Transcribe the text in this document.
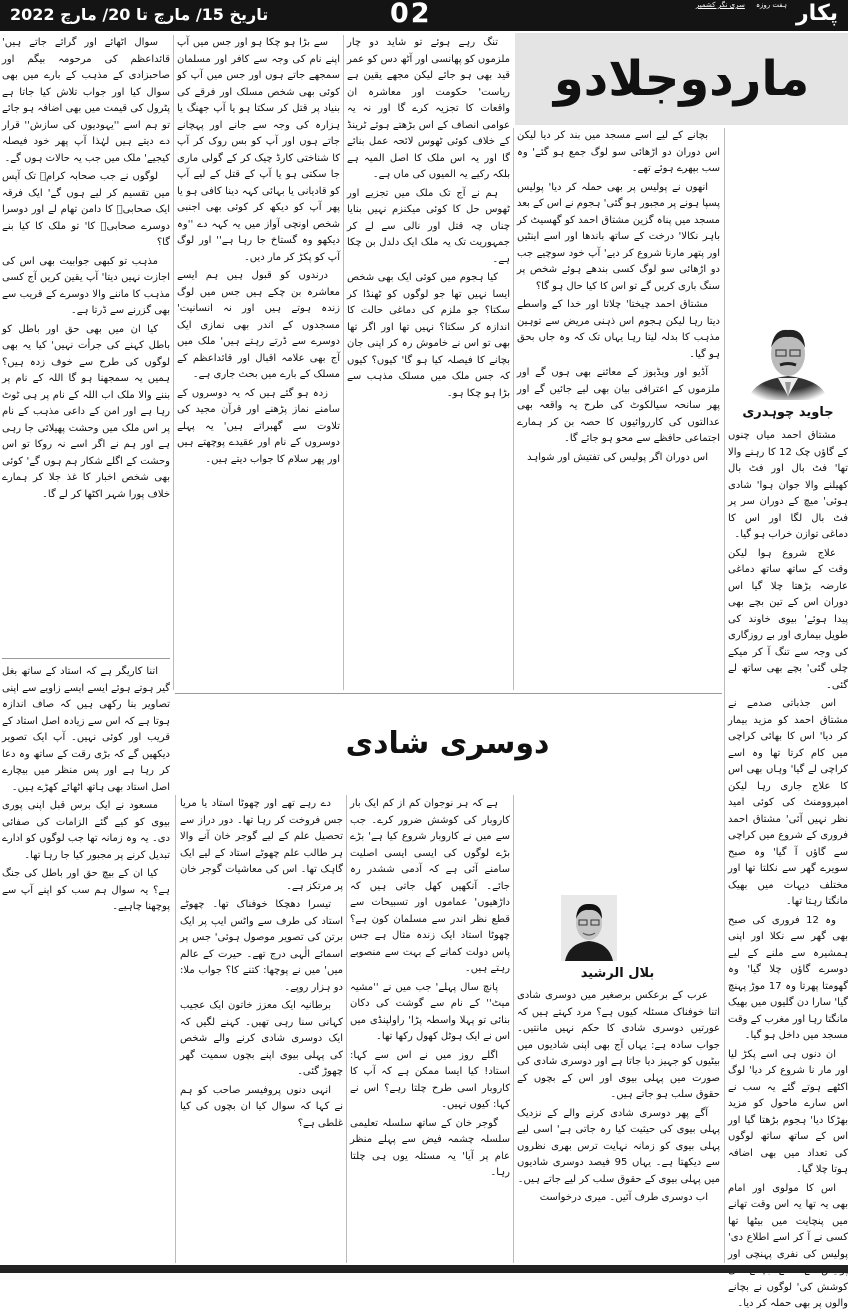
تاریخ 15/ مارچ تا 20/ مارچ 2022	02	پکار $^{ہفت روزہ}$ $^{سری نگر کشمیر}$
ماردوجلادو

سوال اٹھائے اور گرائے جاتے ہیں' قائداعظم کی مرحومہ بیگم اور صاحبزادی کے مذہب کے بارے میں بھی سوال کیا اور جواب تلاش کیا جاتا ہے پٹرول کی قیمت میں بھی اضافہ ہو جائے تو ہم اسے ''یہودیوں کی سازش'' قرار دے دیتے ہیں لہٰذا آپ پھر خود فیصلہ کیجیے' ملک میں جب یہ حالات ہوں گے۔

لوگوں نے جب صحابہ کرامؓ تک آپس میں تقسیم کر لیے ہوں گے' ایک فرقہ ایک صحابیؓ کا دامن تھام لے اور دوسرا دوسرے صحابیؓ کا' تو ملک کا کیا بنے گا؟

مذہب تو کبھی جوابیت بھی اس کی اجازت نہیں دیتا' آپ یقین کریں آج کسی مذہب کا ماننے والا دوسرے کے قریب سے بھی گزرنے سے ڈرتا ہے۔

کیا ان میں بھی حق اور باطل کو باطل کہنے کی جرأت نہیں' کیا یہ بھی لوگوں کی طرح سے خوف زدہ ہیں؟ ہمیں یہ سمجھنا ہو گا اللہ کے نام پر بننے والا ملک اب اللہ کے نام پر ہی ٹوٹ رہا ہے اور امن کے داعی مذہب کے نام پر اس ملک میں وحشت پھیلائی جا رہی ہے اور ہم نے اگر اسے نہ روکا تو اس وحشت کے اگلے شکار ہم ہوں گے' کوئی بھی شخص اخبار کا غذ جلا کر ہمارے خلاف پورا شہر اکٹھا کر لے گا۔

سے بڑا ہو چکا ہو اور جس میں آپ اپنے نام کی وجہ سے کافر اور مسلمان سمجھے جاتے ہوں اور جس میں آپ کو کوئی بھی شخص مسلک اور فرقے کی بنیاد پر قتل کر سکتا ہو یا آپ جھنگ یا ہزارہ کی وجہ سے جانے اور پہچانے جاتے ہوں اور آپ کو بس روک کر آپ کا شناختی کارڈ چیک کر کے گولی ماری جا سکتی ہو یا آپ کے قتل کے لیے آپ کو قادیانی یا بہائی کہہ دینا کافی ہو یا پھر آپ کو دیکھ کر کوئی بھی اجنبی شخص اونچی آواز میں یہ کہہ دے ''وہ دیکھو وہ گستاخ جا رہا ہے'' اور لوگ آپ کو پکڑ کر مار دیں۔

درندوں کو قبول ہیں ہم ایسے معاشرہ بن چکے ہیں جس میں لوگ زندہ ہوتے ہیں اور نہ انسانیت' مسجدوں کے اندر بھی نمازی ایک دوسرے سے ڈرتے رہتے ہیں' ملک میں آج بھی علامہ اقبال اور قائداعظم کے مسلک کے بارے میں بحث جاری ہے۔

زدہ ہو گئے ہیں کہ یہ دوسروں کے سامنے نماز پڑھنے اور قرآن مجید کی تلاوت سے گھبراتے ہیں' یہ پہلے دوسروں کے نام اور عقیدے پوچھتے ہیں اور پھر سلام کا جواب دیتے ہیں۔

تنگ رہے ہوئے تو شاید دو چار ملزموں کو پھانسی اور آٹھ دس کو عمر قید بھی ہو جائے لیکن مجھے یقین ہے ریاست' حکومت اور معاشرہ ان واقعات کا تجزیہ کرے گا اور نہ یہ عوامی انصاف کے اس بڑھتے ہوئے ٹرینڈ کے خلاف کوئی ٹھوس لائحہ عمل بنائے گا اور یہ اس ملک کا اصل المیہ ہے بلکہ رکیے یہ المیوں کی ماں ہے۔

ہم نے آج تک ملک میں تجزیے اور ٹھوس حل کا کوئی میکنزم نہیں بنایا چناں چہ قتل اور نالی سے لے کر جمہوریت تک یہ ملک ایک دلدل بن چکا ہے۔

کیا ہجوم میں کوئی ایک بھی شخص ایسا نہیں تھا جو لوگوں کو ٹھنڈا کر سکتا؟ جو ملزم کی دماغی حالت کا اندازہ کر سکتا؟ نہیں تھا اور اگر تھا بھی تو اس نے خاموش رہ کر اپنی جان بچانے کا فیصلہ کیا ہو گا' کیوں؟ کیوں کہ جس ملک میں مسلک مذہب سے بڑا ہو چکا ہو۔

بچانے کے لیے اسے مسجد میں بند کر دیا لیکن اس دوران دو اڑھائی سو لوگ جمع ہو گئے' وہ سب بپھرے ہوئے تھے۔

انھوں نے پولیس پر بھی حملہ کر دیا' پولیس پسپا ہونے پر مجبور ہو گئی' ہجوم نے اس کے بعد مسجد میں پناہ گزین مشتاق احمد کو گھسیٹ کر باہر نکالا' درخت کے ساتھ باندھا اور اسے اینٹیں اور پتھر مارنا شروع کر دیے' آپ خود سوچیے جب دو اڑھائی سو لوگ کسی بندھے ہوئے شخص پر سنگ باری کریں گے تو اس کا کیا حال ہو گا؟

مشتاق احمد چیختا' چلاتا اور خدا کے واسطے دیتا رہا لیکن ہجوم اس ذہنی مریض سے توہین مذہب کا بدلہ لیتا رہا یہاں تک کہ وہ جاں بحق ہو گیا۔

آڈیو اور ویڈیوز کے معائنے بھی ہوں گے اور ملزموں کے اعترافی بیان بھی لیے جائیں گے اور پھر سانحہ سیالکوٹ کی طرح یہ واقعہ بھی عدالتوں کی کارروائیوں کا حصہ بن کر ہمارے اجتماعی حافظے سے محو ہو جائے گا۔

اس دوران اگر پولیس کی تفتیش اور شواہد

جاوید چوہدری

مشتاق احمد میاں چنوں کے گاؤں چک 12 کا رہنے والا تھا' فٹ بال اور فٹ بال کھیلنے والا جوان ہوا' شادی ہوئی' میچ کے دوران سر پر فٹ بال لگا اور اس کا دماغی توازن خراب ہو گیا۔

علاج شروع ہوا لیکن وقت کے ساتھ ساتھ دماغی عارضہ بڑھتا چلا گیا اس دوران اس کے تین بچے بھی پیدا ہوئے' بیوی خاوند کی طویل بیماری اور بے روزگاری کی وجہ سے تنگ آ کر میکے چلی گئی' بچے بھی ساتھ لے گئی۔

اس جذباتی صدمے نے مشتاق احمد کو مزید بیمار کر دیا' اس کا بھائی کراچی میں کام کرتا تھا وہ اسے کراچی لے گیا' وہاں بھی اس کا علاج جاری رہا لیکن امپروومنٹ کی کوئی امید نظر نہیں آئی' مشتاق احمد فروری کے شروع میں کراچی سے گاؤں آ گیا' وہ صبح سویرے گھر سے نکلتا تھا اور مختلف دیہات میں بھیک مانگتا رہتا تھا۔

وہ 12 فروری کی صبح بھی گھر سے نکلا اور اپنی ہمشیرہ سے ملنے کے لیے دوسرے گاؤں چلا گیا' وہ گھومتا پھرتا وہ 17 موڑ پہنچ گیا' سارا دن گلیوں میں بھیک مانگتا رہا اور مغرب کے وقت مسجد میں داخل ہو گیا۔

ان دنوں ہی اسے پکڑ لیا اور مار نا شروع کر دیا' لوگ اکٹھے ہوتے گئے یہ سب نے اس سارے ماحول کو مزید بھڑکا دیا' ہجوم بڑھتا گیا اور اس کے ساتھ ساتھ لوگوں کی تعداد میں بھی اضافہ ہوتا چلا گیا۔

اس کا مولوی اور امام بھی یہ تھا یہ اس وقت تھانے میں پنچایت میں بیٹھا تھا کسی نے آ کر اسے اطلاع دی' پولیس کی نفری پہنچی اور کوشش کی' لوگوں نے بچانے والوں پر بھی حملہ کر دیا۔

دوسری شادی

اتنا کاریگر ہے کہ استاد کے ساتھ بغل گیر ہوتے ہوئے ایسے ایسے زاویے سے اپنی تصاویر بنا رکھی ہیں کہ صاف اندازہ ہوتا ہے کہ اس سے زیادہ اصل استاد کے قریب اور کوئی نہیں۔ آپ ایک تصویر دیکھیں گے کہ بڑی رقت کے ساتھ وہ دعا کر رہا ہے اور پس منظر میں بیچارے اصل استاد بھی ہاتھ اٹھائے کھڑے ہیں۔

مسعود نے ایک برس قبل اپنی پوری بیوی کو کیے گئے الزامات کی صفائی دی۔ یہ وہ زمانہ تھا جب لوگوں کو ادارے تبدیل کرنے پر مجبور کیا جا رہا تھا۔

کیا ان کے بیچ حق اور باطل کی جنگ ہے؟ یہ سوال ہم سب کو اپنے آپ سے پوچھنا چاہیے۔

دے رہے تھے اور چھوٹا استاد یا مریا جس فروخت کر رہا تھا۔ دور دراز سے تحصیل علم کے لیے گوجر خان آنے والا ہر طالب علم چھوٹے استاد کے لیے ایک گاہک تھا۔ اس کی معاشیات گوجر خان پر مرتکز ہے۔

تیسرا دھچکا خوفناک تھا۔ چھوٹے استاد کی طرف سے واٹس ایپ پر ایک برتن کی تصویر موصول ہوئی' جس پر اسمائے الٰہی درج تھے۔ حیرت کے عالم میں' میں نے پوچھا: کتنے کا؟ جواب ملا: دو ہزار روپے۔

برطانیہ ایک معزز خاتون ایک عجیب کہانی سنا رہی تھیں۔ کہنے لگیں کہ ایک دوسری شادی کرنے والے شخص کی پہلی بیوی اپنے بچوں سمیت گھر چھوڑ گئی۔

انہی دنوں پروفیسر صاحب کو ہم نے کہا کہ سوال کیا ان بچوں کی کیا غلطی ہے؟

ہے کہ ہر نوجوان کم از کم ایک بار کاروبار کی کوشش ضرور کرے۔ جب سے میں نے کاروبار شروع کیا ہے' بڑے بڑے لوگوں کی ایسی ایسی اصلیت سامنے آئی ہے کہ آدمی ششدر رہ جائے۔ آنکھیں کھل جاتی ہیں کہ داڑھیوں' عماموں اور تسبیحات سے قطع نظر اندر سے مسلمان کون ہے؟ چھوٹا استاد ایک زندہ مثال ہے جس پاس دولت کمانے کے بہت سے منصوبے رہتے ہیں۔

پانچ سال پہلے' جب میں نے ''مشیہ میٹ'' کے نام سے گوشت کی دکان بنائی تو پہلا واسطہ پڑا' راولپنڈی میں اس نے ایک ہوٹل کھول رکھا تھا۔

اگلے روز میں نے اس سے کہا: استاد! کیا ایسا ممکن ہے کہ آپ کا کاروبار اسی طرح چلتا رہے؟ اس نے کہا: کیوں نہیں۔

گوجر خان کے ساتھ سلسلہ تعلیمی سلسلہ چشمہ فیض سے پہلے منظر عام پر آیا' یہ مسئلہ یوں ہی چلتا رہا۔

بلال الرشید

عرب کے برعکس برصغیر میں دوسری شادی اتنا خوفناک مسئلہ کیوں ہے؟ مرد کہتے ہیں کہ عورتیں دوسری شادی کا حکم نہیں مانتیں۔ جواب سادہ ہے: یہاں آج بھی اپنی شادیوں میں بیٹیوں کو جہیز دیا جاتا ہے اور دوسری شادی کی صورت میں پہلی بیوی اور اس کے بچوں کے حقوق سلب ہو جاتے ہیں۔

آگے پھر دوسری شادی کرنے والے کے نزدیک پہلی بیوی کی حیثیت کیا رہ جاتی ہے' اسی لیے پہلی بیوی کو زمانہ نہایت ترس بھری نظروں سے دیکھتا ہے۔ یہاں 95 فیصد دوسری شادیوں میں پہلی بیوی کے حقوق سلب کر لیے جاتے ہیں۔

اب دوسری طرف آئیں۔ میری درخواست
